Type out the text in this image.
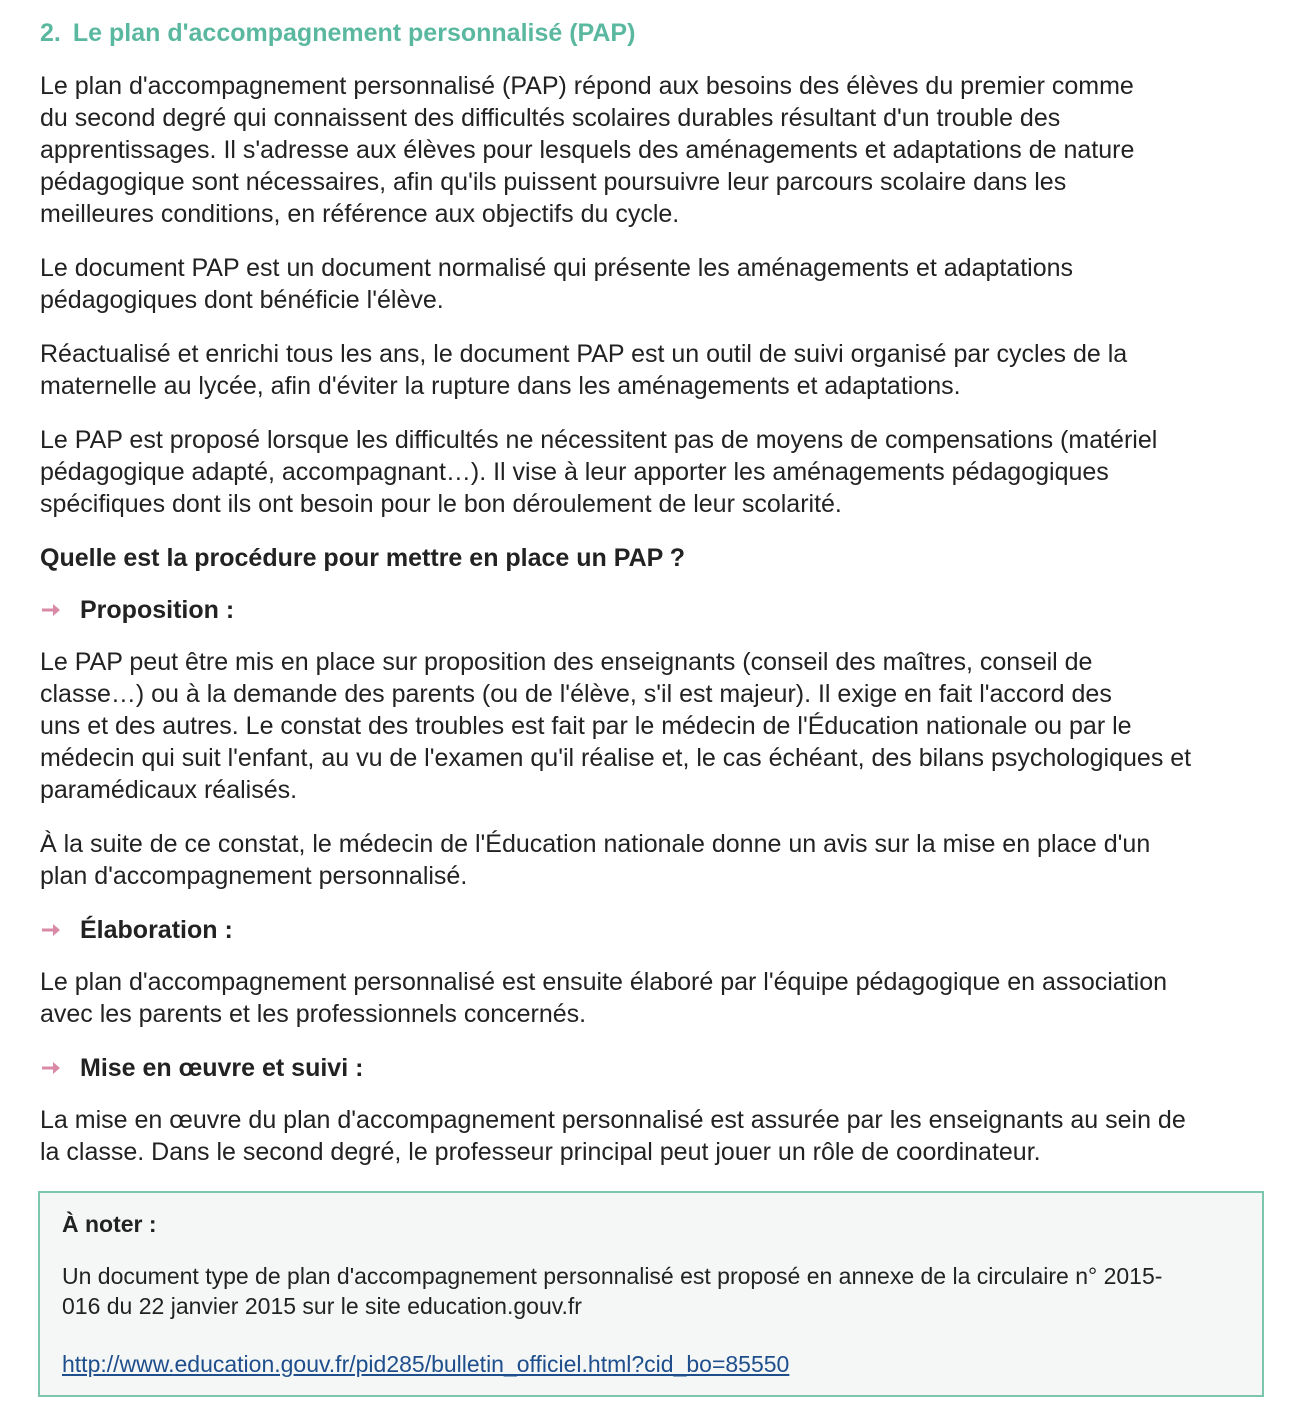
2. Le plan d'accompagnement personnalisé (PAP)

Le plan d'accompagnement personnalisé (PAP) répond aux besoins des élèves du premier comme
du second degré qui connaissent des difficultés scolaires durables résultant d'un trouble des
apprentissages. Il s'adresse aux élèves pour lesquels des aménagements et adaptations de nature
pédagogique sont nécessaires, afin qu'ils puissent poursuivre leur parcours scolaire dans les
meilleures conditions, en référence aux objectifs du cycle.

Le document PAP est un document normalisé qui présente les aménagements et adaptations
pédagogiques dont bénéficie l'élève.

Réactualisé et enrichi tous les ans, le document PAP est un outil de suivi organisé par cycles de la
maternelle au lycée, afin d'éviter la rupture dans les aménagements et adaptations.

Le PAP est proposé lorsque les difficultés ne nécessitent pas de moyens de compensations (matériel
pédagogique adapté, accompagnant…). Il vise à leur apporter les aménagements pédagogiques
spécifiques dont ils ont besoin pour le bon déroulement de leur scolarité.

Quelle est la procédure pour mettre en place un PAP ?
Proposition :

Le PAP peut être mis en place sur proposition des enseignants (conseil des maîtres, conseil de
classe…) ou à la demande des parents (ou de l'élève, s'il est majeur). Il exige en fait l'accord des
uns et des autres. Le constat des troubles est fait par le médecin de l'Éducation nationale ou par le
médecin qui suit l'enfant, au vu de l'examen qu'il réalise et, le cas échéant, des bilans psychologiques et
paramédicaux réalisés.

À la suite de ce constat, le médecin de l'Éducation nationale donne un avis sur la mise en place d'un
plan d'accompagnement personnalisé.

Élaboration :

Le plan d'accompagnement personnalisé est ensuite élaboré par l'équipe pédagogique en association
avec les parents et les professionnels concernés.

Mise en œuvre et suivi :

La mise en œuvre du plan d'accompagnement personnalisé est assurée par les enseignants au sein de
la classe. Dans le second degré, le professeur principal peut jouer un rôle de coordinateur.

À noter :

Un document type de plan d'accompagnement personnalisé est proposé en annexe de la circulaire n° 2015-
016 du 22 janvier 2015 sur le site education.gouv.fr

http://www.education.gouv.fr/pid285/bulletin_officiel.html?cid_bo=85550
